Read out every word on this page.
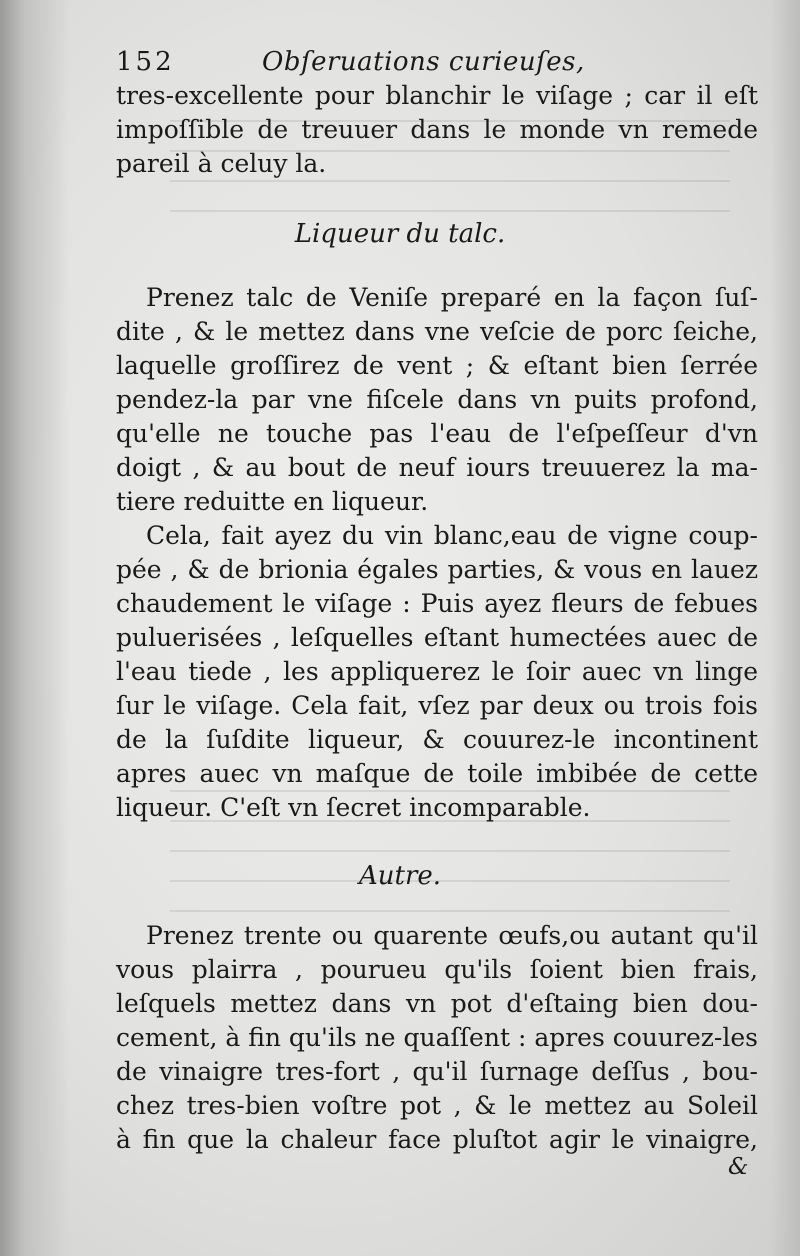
152	Obſeruations curieuſes,
tres-excellente pour blanchir le viſage ; car il eſt
impoſſible de treuuer dans le monde vn remede
pareil à celuy la.
Liqueur du talc.
Prenez talc de Veniſe preparé en la façon ſuſ-
dite , & le mettez dans vne veſcie de porc ſeiche,
laquelle groſſirez de vent ; & eſtant bien ſerrée
pendez-la par vne fiſcele dans vn puits profond,
qu'elle ne touche pas l'eau de l'eſpeſſeur d'vn
doigt , & au bout de neuf iours treuuerez la ma-
tiere reduitte en liqueur.
Cela, fait ayez du vin blanc,eau de vigne coup-
pée , & de brionia égales parties, & vous en lauez
chaudement le viſage : Puis ayez fleurs de febues
puluerisées , leſquelles eſtant humectées auec de
l'eau tiede , les appliquerez le ſoir auec vn linge
ſur le viſage. Cela fait, vſez par deux ou trois fois
de la ſuſdite liqueur, & couurez-le incontinent
apres auec vn maſque de toile imbibée de cette
liqueur. C'eſt vn ſecret incomparable.
Autre.
Prenez trente ou quarente œufs,ou autant qu'il
vous plairra , pourueu qu'ils ſoient bien frais,
leſquels mettez dans vn pot d'eſtaing bien dou-
cement, à fin qu'ils ne quaſſent : apres couurez-les
de vinaigre tres-fort , qu'il ſurnage deſſus , bou-
chez tres-bien voſtre pot , & le mettez au Soleil
à fin que la chaleur face pluſtot agir le vinaigre,
&
